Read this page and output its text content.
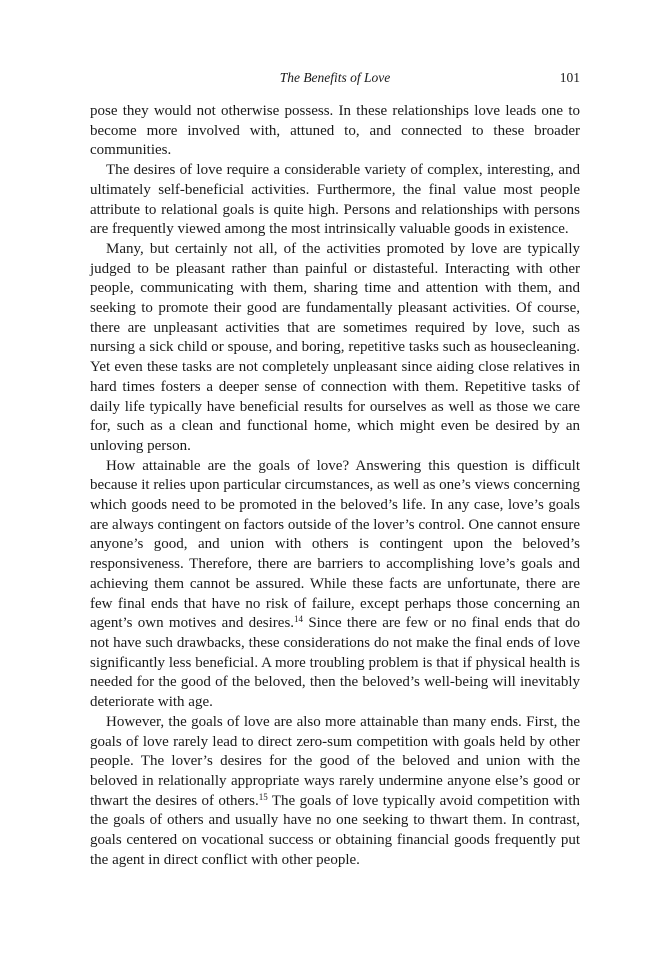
The Benefits of Love	101

pose they would not otherwise possess. In these relationships love leads one to become more involved with, attuned to, and connected to these broader communities.

The desires of love require a considerable variety of complex, interesting, and ultimately self-beneficial activities. Furthermore, the final value most people attribute to relational goals is quite high. Persons and relationships with persons are frequently viewed among the most intrinsically valuable goods in existence.

Many, but certainly not all, of the activities promoted by love are typically judged to be pleasant rather than painful or distasteful. Interacting with other people, communicating with them, sharing time and attention with them, and seeking to promote their good are fundamentally pleasant activities. Of course, there are unpleasant activities that are sometimes required by love, such as nursing a sick child or spouse, and boring, repetitive tasks such as housecleaning. Yet even these tasks are not completely unpleasant since aiding close relatives in hard times fosters a deeper sense of connection with them. Repetitive tasks of daily life typically have beneficial results for ourselves as well as those we care for, such as a clean and functional home, which might even be desired by an unloving person.

How attainable are the goals of love? Answering this question is difficult because it relies upon particular circumstances, as well as one’s views concerning which goods need to be promoted in the beloved’s life. In any case, love’s goals are always contingent on factors outside of the lover’s control. One cannot ensure anyone’s good, and union with others is contingent upon the beloved’s responsiveness. Therefore, there are barriers to accomplishing love’s goals and achieving them cannot be assured. While these facts are unfortunate, there are few final ends that have no risk of failure, except perhaps those concerning an agent’s own motives and desires.$^{14}$ Since there are few or no final ends that do not have such drawbacks, these considerations do not make the final ends of love significantly less beneficial. A more troubling problem is that if physical health is needed for the good of the beloved, then the beloved’s well-being will inevitably deteriorate with age.

However, the goals of love are also more attainable than many ends. First, the goals of love rarely lead to direct zero-sum competition with goals held by other people. The lover’s desires for the good of the beloved and union with the beloved in relationally appropriate ways rarely undermine anyone else’s good or thwart the desires of others.$^{15}$ The goals of love typically avoid competition with the goals of others and usually have no one seeking to thwart them. In contrast, goals centered on vocational success or obtaining financial goods frequently put the agent in direct conflict with other people.
